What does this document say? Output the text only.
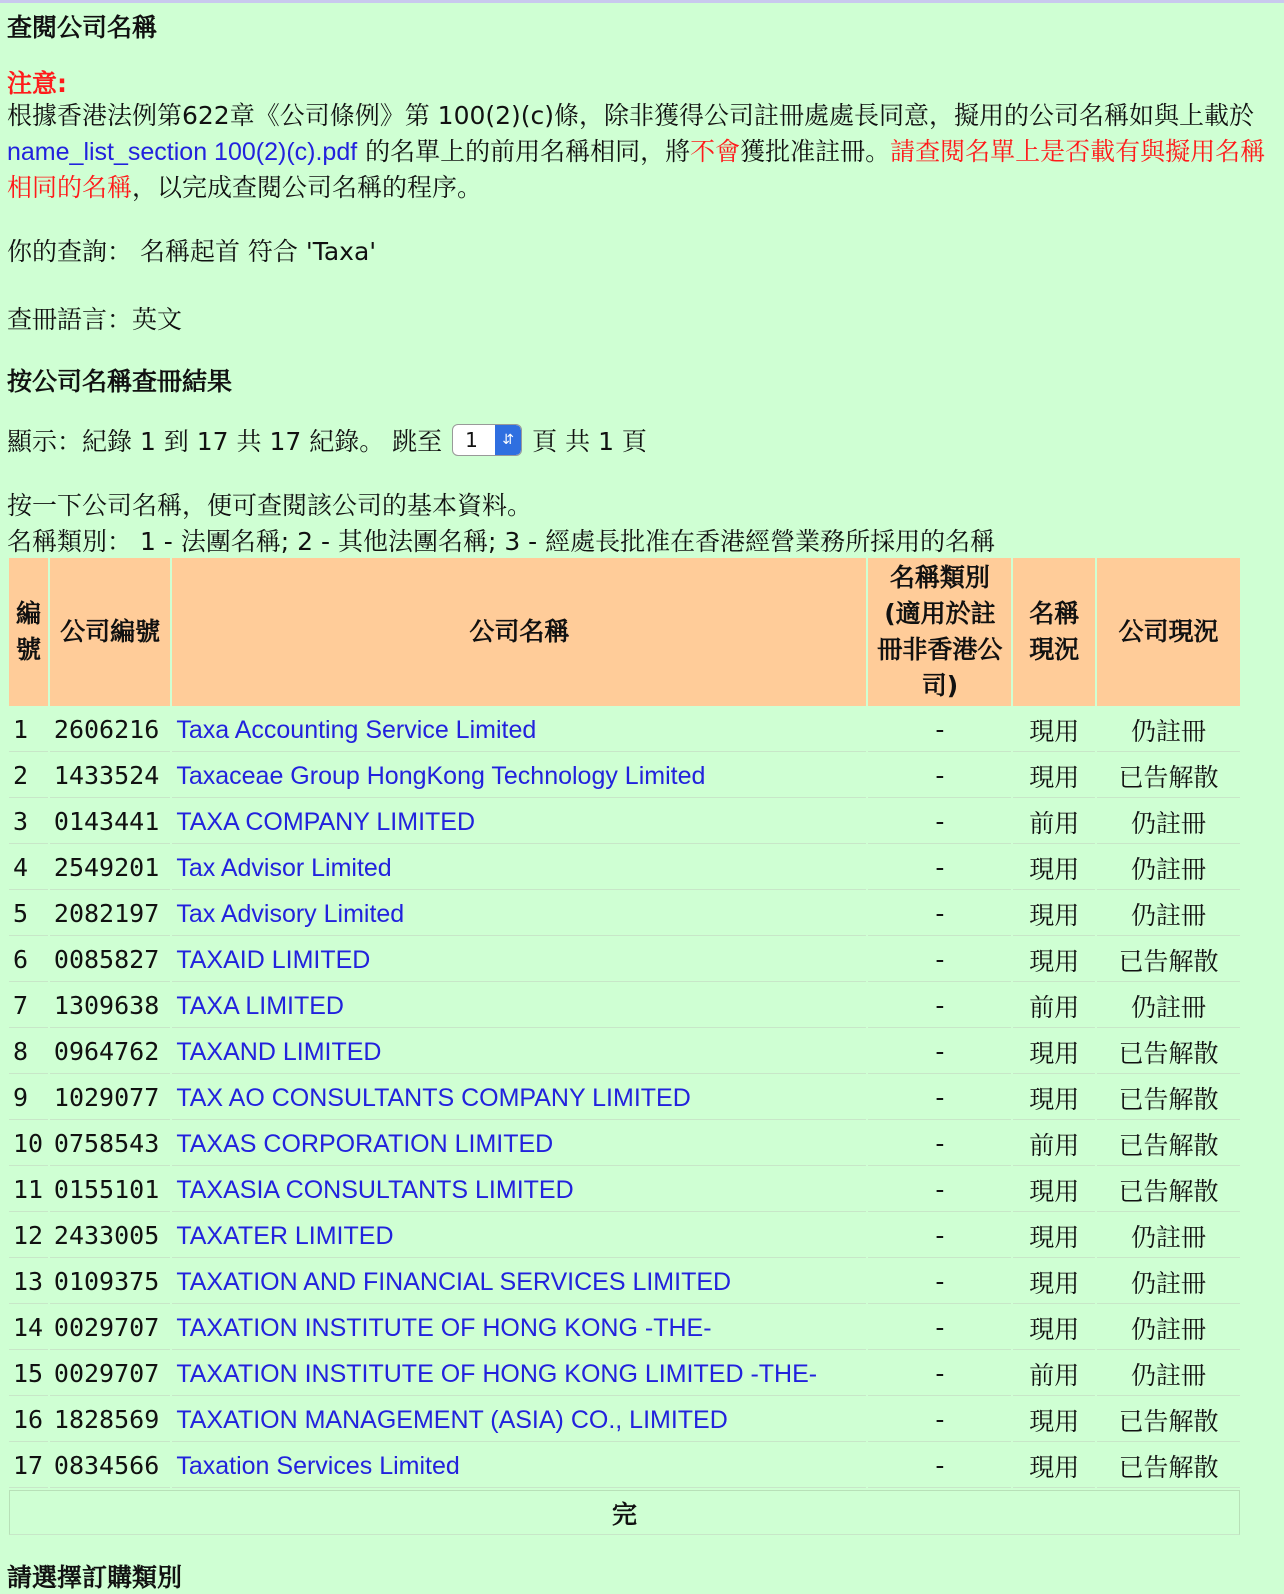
查閱公司名稱
注意:
根據香港法例第622章《公司條例》第 100(2)(c)條，除非獲得公司註冊處處長同意，擬用的公司名稱如與上載於 name_list_section 100(2)(c).pdf 的名單上的前用名稱相同，將不會獲批准註冊。請查閱名單上是否載有與擬用名稱相同的名稱，以完成查閱公司名稱的程序。
你的查詢： 名稱起首 符合 'Taxa'
查冊語言：英文
按公司名稱查冊結果
顯示：紀錄 1 到 17 共 17 紀錄。 跳至 1	⇵ 頁 共 1 頁
按一下公司名稱，便可查閱該公司的基本資料。
名稱類別： 1 - 法團名稱; 2 - 其他法團名稱; 3 - 經處長批准在香港經營業務所採用的名稱
編號	公司編號	公司名稱	名稱類別 (適用於註冊非香港公司)	名稱現況	公司現況
1	2606216	Taxa Accounting Service Limited	-	現用	仍註冊
2	1433524	Taxaceae Group HongKong Technology Limited	-	現用	已告解散
3	0143441	TAXA COMPANY LIMITED	-	前用	仍註冊
4	2549201	Tax Advisor Limited	-	現用	仍註冊
5	2082197	Tax Advisory Limited	-	現用	仍註冊
6	0085827	TAXAID LIMITED	-	現用	已告解散
7	1309638	TAXA LIMITED	-	前用	仍註冊
8	0964762	TAXAND LIMITED	-	現用	已告解散
9	1029077	TAX AO CONSULTANTS COMPANY LIMITED	-	現用	已告解散
10	0758543	TAXAS CORPORATION LIMITED	-	前用	已告解散
11	0155101	TAXASIA CONSULTANTS LIMITED	-	現用	已告解散
12	2433005	TAXATER LIMITED	-	現用	仍註冊
13	0109375	TAXATION AND FINANCIAL SERVICES LIMITED	-	現用	仍註冊
14	0029707	TAXATION INSTITUTE OF HONG KONG -THE-	-	現用	仍註冊
15	0029707	TAXATION INSTITUTE OF HONG KONG LIMITED -THE-	-	前用	仍註冊
16	1828569	TAXATION MANAGEMENT (ASIA) CO., LIMITED	-	現用	已告解散
17	0834566	Taxation Services Limited	-	現用	已告解散
完					
請選擇訂購類別
